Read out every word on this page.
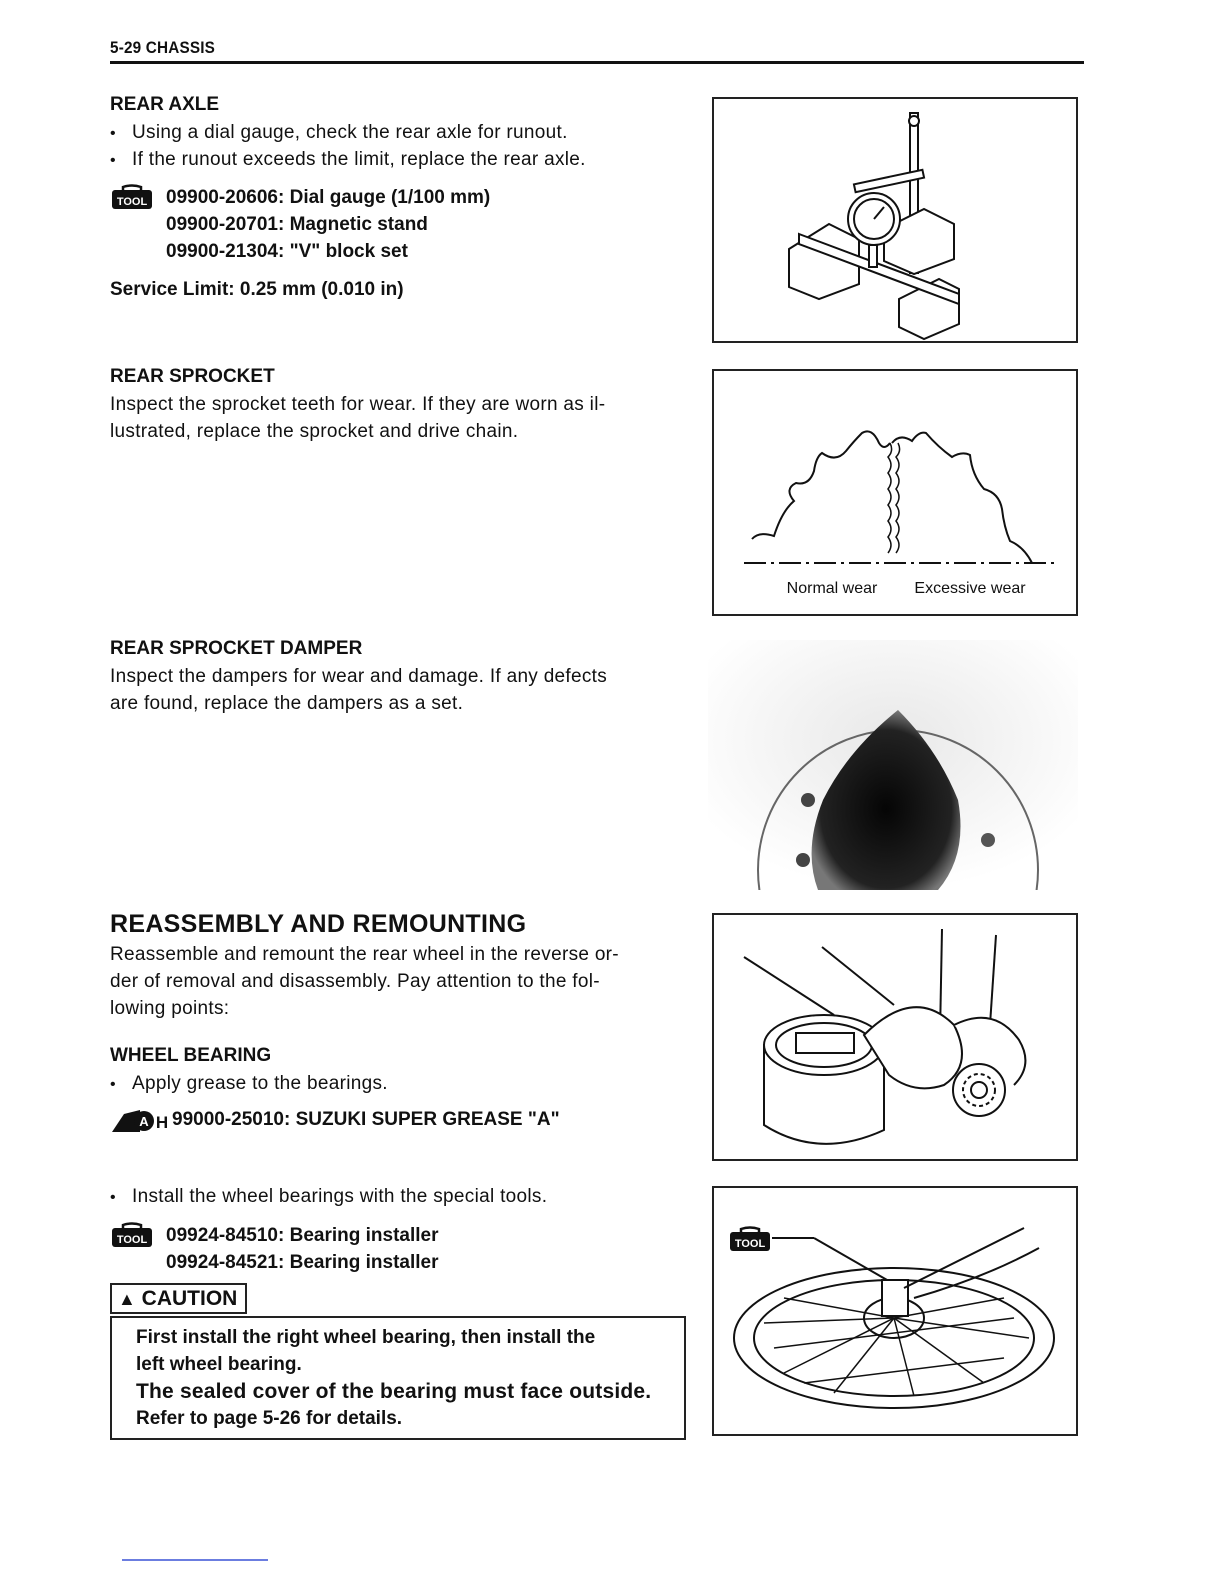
5-29 CHASSIS
REAR AXLE
• Using a dial gauge, check the rear axle for runout.
• If the runout exceeds the limit, replace the rear axle.
TOOL 09900-20606: Dial gauge (1/100 mm)
09900-20701: Magnetic stand
09900-21304: "V" block set
Service Limit: 0.25 mm (0.010 in)
REAR SPROCKET
Inspect the sprocket teeth for wear. If they are worn as il-
lustrated, replace the sprocket and drive chain.
Normal wear Excessive wear
REAR SPROCKET DAMPER
Inspect the dampers for wear and damage. If any defects
are found, replace the dampers as a set.
REASSEMBLY AND REMOUNTING
Reassemble and remount the rear wheel in the reverse or-
der of removal and disassembly. Pay attention to the fol-
lowing points:
WHEEL BEARING
• Apply grease to the bearings.
A H 99000-25010: SUZUKI SUPER GREASE "A"
• Install the wheel bearings with the special tools.
TOOL 09924-84510: Bearing installer
09924-84521: Bearing installer
▲ CAUTION
First install the right wheel bearing, then install the
left wheel bearing.
The sealed cover of the bearing must face outside.
Refer to page 5-26 for details.
TOOL
